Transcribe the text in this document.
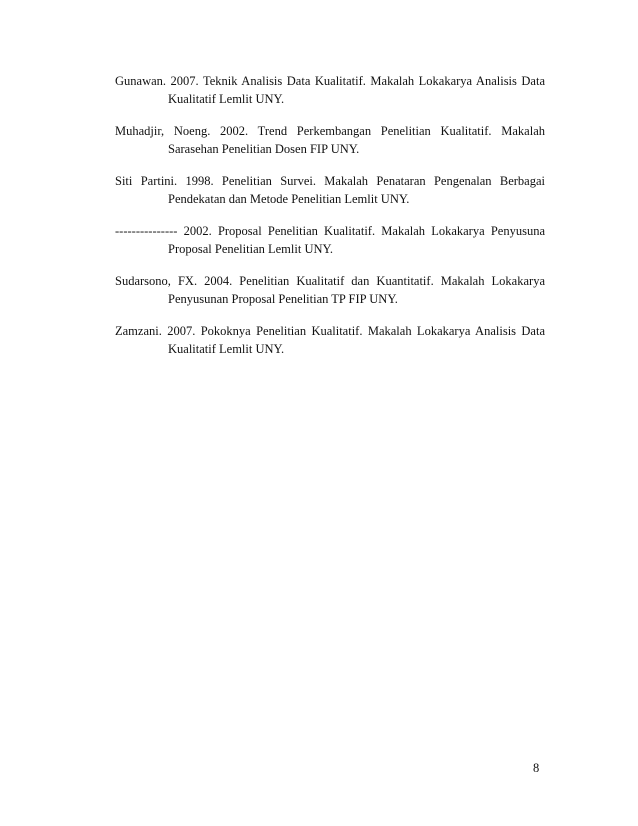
Gunawan. 2007. Teknik Analisis Data Kualitatif. Makalah Lokakarya Analisis Data Kualitatif Lemlit UNY.

Muhadjir, Noeng. 2002. Trend Perkembangan Penelitian Kualitatif. Makalah Sarasehan Penelitian Dosen FIP UNY.

Siti Partini. 1998. Penelitian Survei. Makalah Penataran Pengenalan Berbagai Pendekatan dan Metode Penelitian Lemlit UNY.

--------------- 2002. Proposal Penelitian Kualitatif. Makalah Lokakarya Penyusuna Proposal Penelitian Lemlit UNY.

Sudarsono, FX. 2004. Penelitian Kualitatif dan Kuantitatif. Makalah Lokakarya Penyusunan Proposal Penelitian TP FIP UNY.

Zamzani. 2007. Pokoknya Penelitian Kualitatif. Makalah Lokakarya Analisis Data Kualitatif Lemlit UNY.

8
